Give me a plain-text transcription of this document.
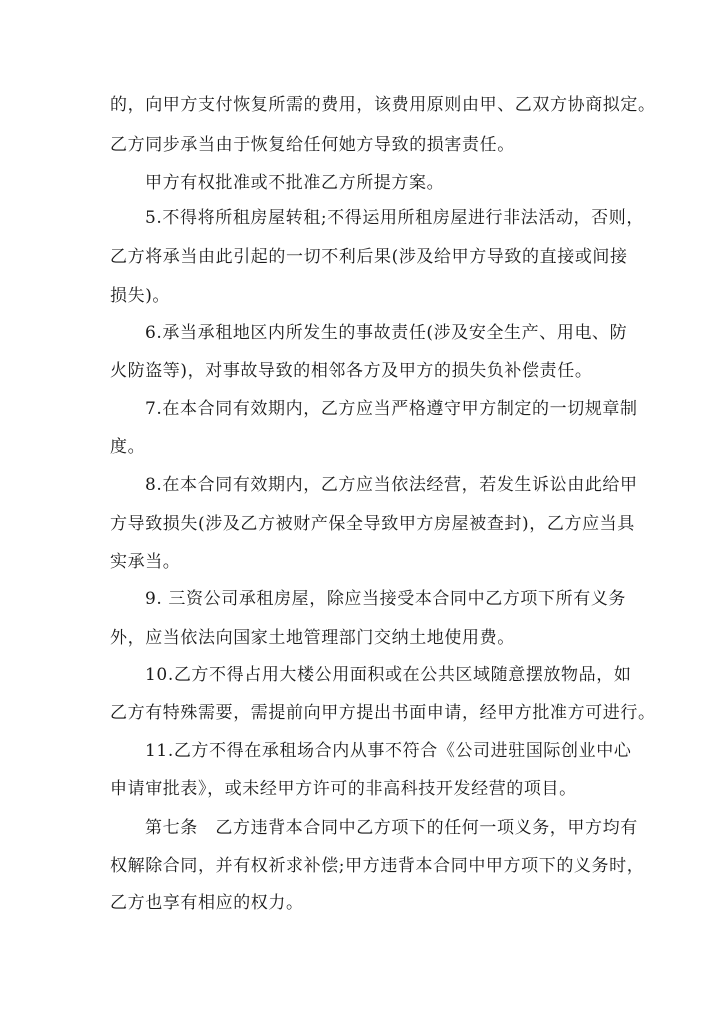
的，向甲方支付恢复所需的费用，该费用原则由甲、乙双方协商拟定。
乙方同步承当由于恢复给任何她方导致的损害责任。
甲方有权批准或不批准乙方所提方案。
5.不得将所租房屋转租;不得运用所租房屋进行非法活动，否则，
乙方将承当由此引起的一切不利后果(涉及给甲方导致的直接或间接
损失)。
6.承当承租地区内所发生的事故责任(涉及安全生产、用电、防
火防盗等)，对事故导致的相邻各方及甲方的损失负补偿责任。
7.在本合同有效期内，乙方应当严格遵守甲方制定的一切规章制
度。
8.在本合同有效期内，乙方应当依法经营，若发生诉讼由此给甲
方导致损失(涉及乙方被财产保全导致甲方房屋被查封)，乙方应当具
实承当。
9. 三资公司承租房屋，除应当接受本合同中乙方项下所有义务
外，应当依法向国家土地管理部门交纳土地使用费。
10.乙方不得占用大楼公用面积或在公共区域随意摆放物品，如
乙方有特殊需要，需提前向甲方提出书面申请，经甲方批准方可进行。
11.乙方不得在承租场合内从事不符合《公司进驻国际创业中心
申请审批表》，或未经甲方许可的非高科技开发经营的项目。
第七条　乙方违背本合同中乙方项下的任何一项义务，甲方均有
权解除合同，并有权祈求补偿;甲方违背本合同中甲方项下的义务时，
乙方也享有相应的权力。
